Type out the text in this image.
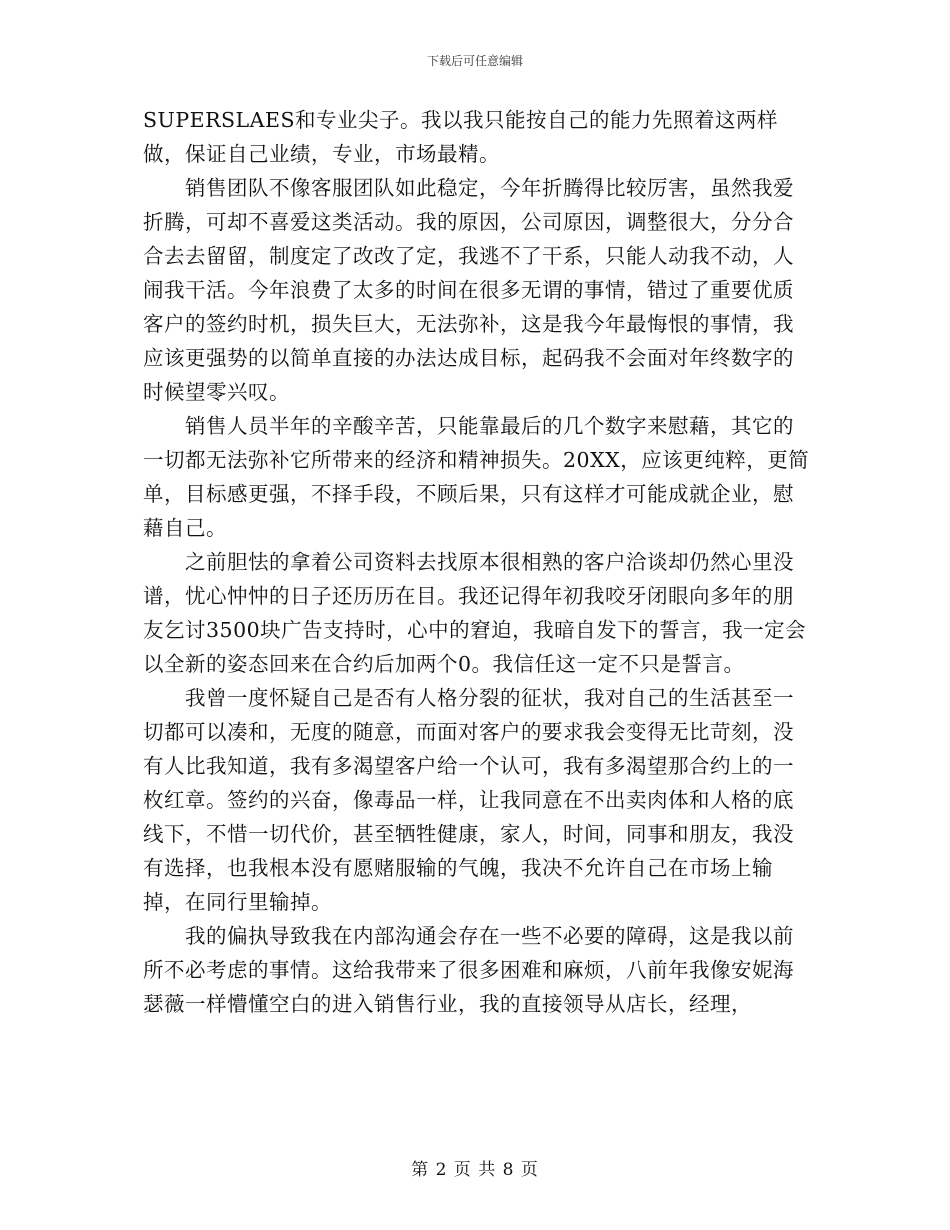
下载后可任意编辑

SUPERSLAES和专业尖子。我以我只能按自己的能力先照着这两样做，保证自己业绩，专业，市场最精。

销售团队不像客服团队如此稳定，今年折腾得比较厉害，虽然我爱折腾，可却不喜爱这类活动。我的原因，公司原因，调整很大，分分合合去去留留，制度定了改改了定，我逃不了干系，只能人动我不动，人闹我干活。今年浪费了太多的时间在很多无谓的事情，错过了重要优质客户的签约时机，损失巨大，无法弥补，这是我今年最悔恨的事情，我应该更强势的以简单直接的办法达成目标，起码我不会面对年终数字的时候望零兴叹。

销售人员半年的辛酸辛苦，只能靠最后的几个数字来慰藉，其它的一切都无法弥补它所带来的经济和精神损失。20XX，应该更纯粹，更简单，目标感更强，不择手段，不顾后果，只有这样才可能成就企业，慰藉自己。

之前胆怯的拿着公司资料去找原本很相熟的客户洽谈却仍然心里没谱，忧心忡忡的日子还历历在目。我还记得年初我咬牙闭眼向多年的朋友乞讨3500块广告支持时，心中的窘迫，我暗自发下的誓言，我一定会以全新的姿态回来在合约后加两个0。我信任这一定不只是誓言。

我曾一度怀疑自己是否有人格分裂的征状，我对自己的生活甚至一切都可以凑和，无度的随意，而面对客户的要求我会变得无比苛刻，没有人比我知道，我有多渴望客户给一个认可，我有多渴望那合约上的一枚红章。签约的兴奋，像毒品一样，让我同意在不出卖肉体和人格的底线下，不惜一切代价，甚至牺牲健康，家人，时间，同事和朋友，我没有选择，也我根本没有愿赌服输的气魄，我决不允许自己在市场上输掉，在同行里输掉。

我的偏执导致我在内部沟通会存在一些不必要的障碍，这是我以前所不必考虑的事情。这给我带来了很多困难和麻烦，八前年我像安妮海瑟薇一样懵懂空白的进入销售行业，我的直接领导从店长，经理，

第 2 页 共 8 页
